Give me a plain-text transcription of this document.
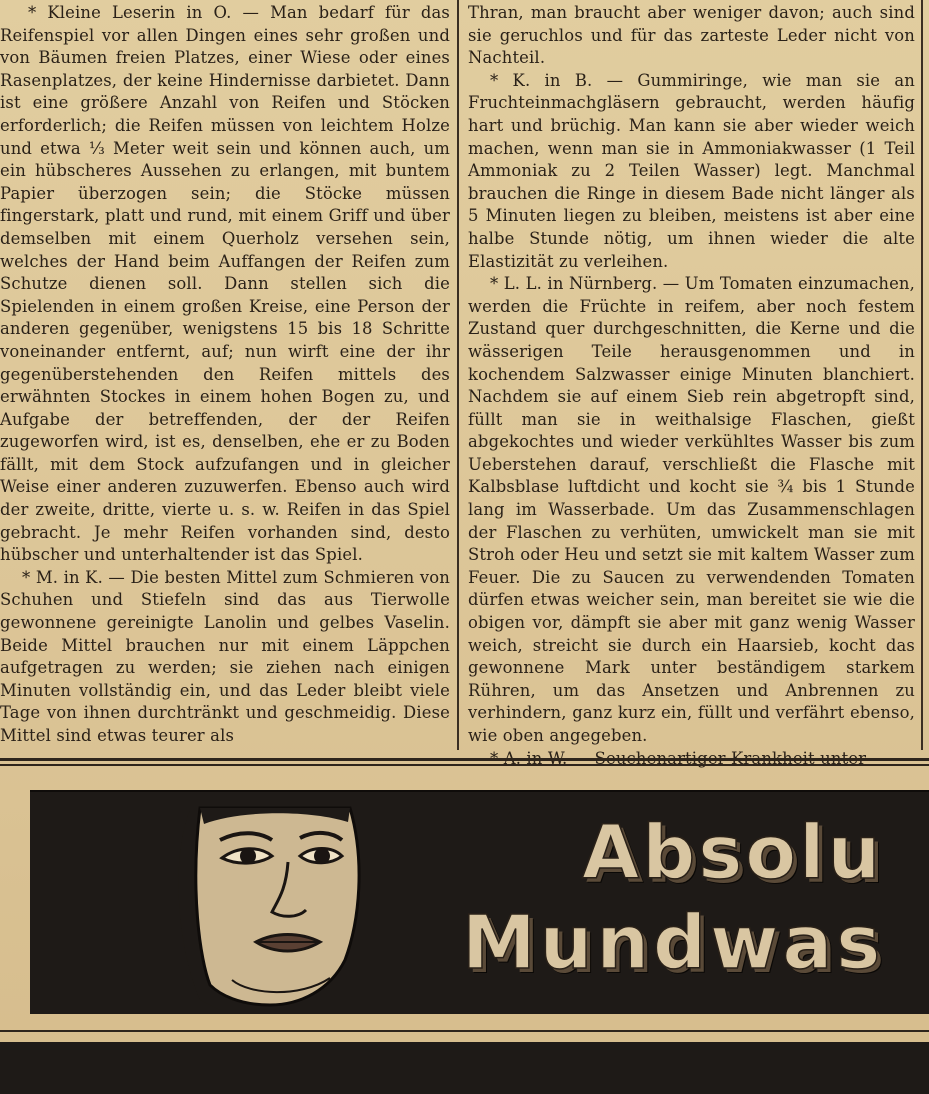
* Kleine Leserin in O. — Man bedarf für das Reifenspiel vor allen Dingen eines sehr großen und von Bäumen freien Platzes, einer Wiese oder eines Rasenplatzes, der keine Hindernisse darbietet. Dann ist eine größere Anzahl von Reifen und Stöcken erforderlich; die Reifen müssen von leichtem Holze und etwa ⅓ Meter weit sein und können auch, um ein hübscheres Aussehen zu erlangen, mit buntem Papier überzogen sein; die Stöcke müssen fingerstark, platt und rund, mit einem Griff und über demselben mit einem Querholz versehen sein, welches der Hand beim Auffangen der Reifen zum Schutze dienen soll. Dann stellen sich die Spielenden in einem großen Kreise, eine Person der anderen gegenüber, wenigstens 15 bis 18 Schritte voneinander entfernt, auf; nun wirft eine der ihr gegenüberstehenden den Reifen mittels des erwähnten Stockes in einem hohen Bogen zu, und Aufgabe der betreffenden, der der Reifen zugeworfen wird, ist es, denselben, ehe er zu Boden fällt, mit dem Stock aufzufangen und in gleicher Weise einer anderen zuzuwerfen. Ebenso auch wird der zweite, dritte, vierte u. s. w. Reifen in das Spiel gebracht. Je mehr Reifen vorhanden sind, desto hübscher und unterhaltender ist das Spiel.

* M. in K. — Die besten Mittel zum Schmieren von Schuhen und Stiefeln sind das aus Tierwolle gewonnene gereinigte Lanolin und gelbes Vaselin. Beide Mittel brauchen nur mit einem Läppchen aufgetragen zu werden; sie ziehen nach einigen Minuten vollständig ein, und das Leder bleibt viele Tage von ihnen durchtränkt und geschmeidig. Diese Mittel sind etwas teurer als

Thran, man braucht aber weniger davon; auch sind sie geruchlos und für das zarteste Leder nicht von Nachteil.

* K. in B. — Gummiringe, wie man sie an Fruchteinmachgläsern gebraucht, werden häufig hart und brüchig. Man kann sie aber wieder weich machen, wenn man sie in Ammoniakwasser (1 Teil Ammoniak zu 2 Teilen Wasser) legt. Manchmal brauchen die Ringe in diesem Bade nicht länger als 5 Minuten liegen zu bleiben, meistens ist aber eine halbe Stunde nötig, um ihnen wieder die alte Elastizität zu verleihen.

* L. L. in Nürnberg. — Um Tomaten einzumachen, werden die Früchte in reifem, aber noch festem Zustand quer durchgeschnitten, die Kerne und die wässerigen Teile herausgenommen und in kochendem Salzwasser einige Minuten blanchiert. Nachdem sie auf einem Sieb rein abgetropft sind, füllt man sie in weithalsige Flaschen, gießt abgekochtes und wieder verkühltes Wasser bis zum Ueberstehen darauf, verschließt die Flasche mit Kalbsblase luftdicht und kocht sie ¾ bis 1 Stunde lang im Wasserbade. Um das Zusammenschlagen der Flaschen zu verhüten, umwickelt man sie mit Stroh oder Heu und setzt sie mit kaltem Wasser zum Feuer. Die zu Saucen zu verwendenden Tomaten dürfen etwas weicher sein, man bereitet sie wie die obigen vor, dämpft sie aber mit ganz wenig Wasser weich, streicht sie durch ein Haarsieb, kocht das gewonnene Mark unter beständigem starkem Rühren, um das Ansetzen und Anbrennen zu verhindern, ganz kurz ein, füllt und verfährt ebenso, wie oben angegeben.

Absolu
Mundwas
